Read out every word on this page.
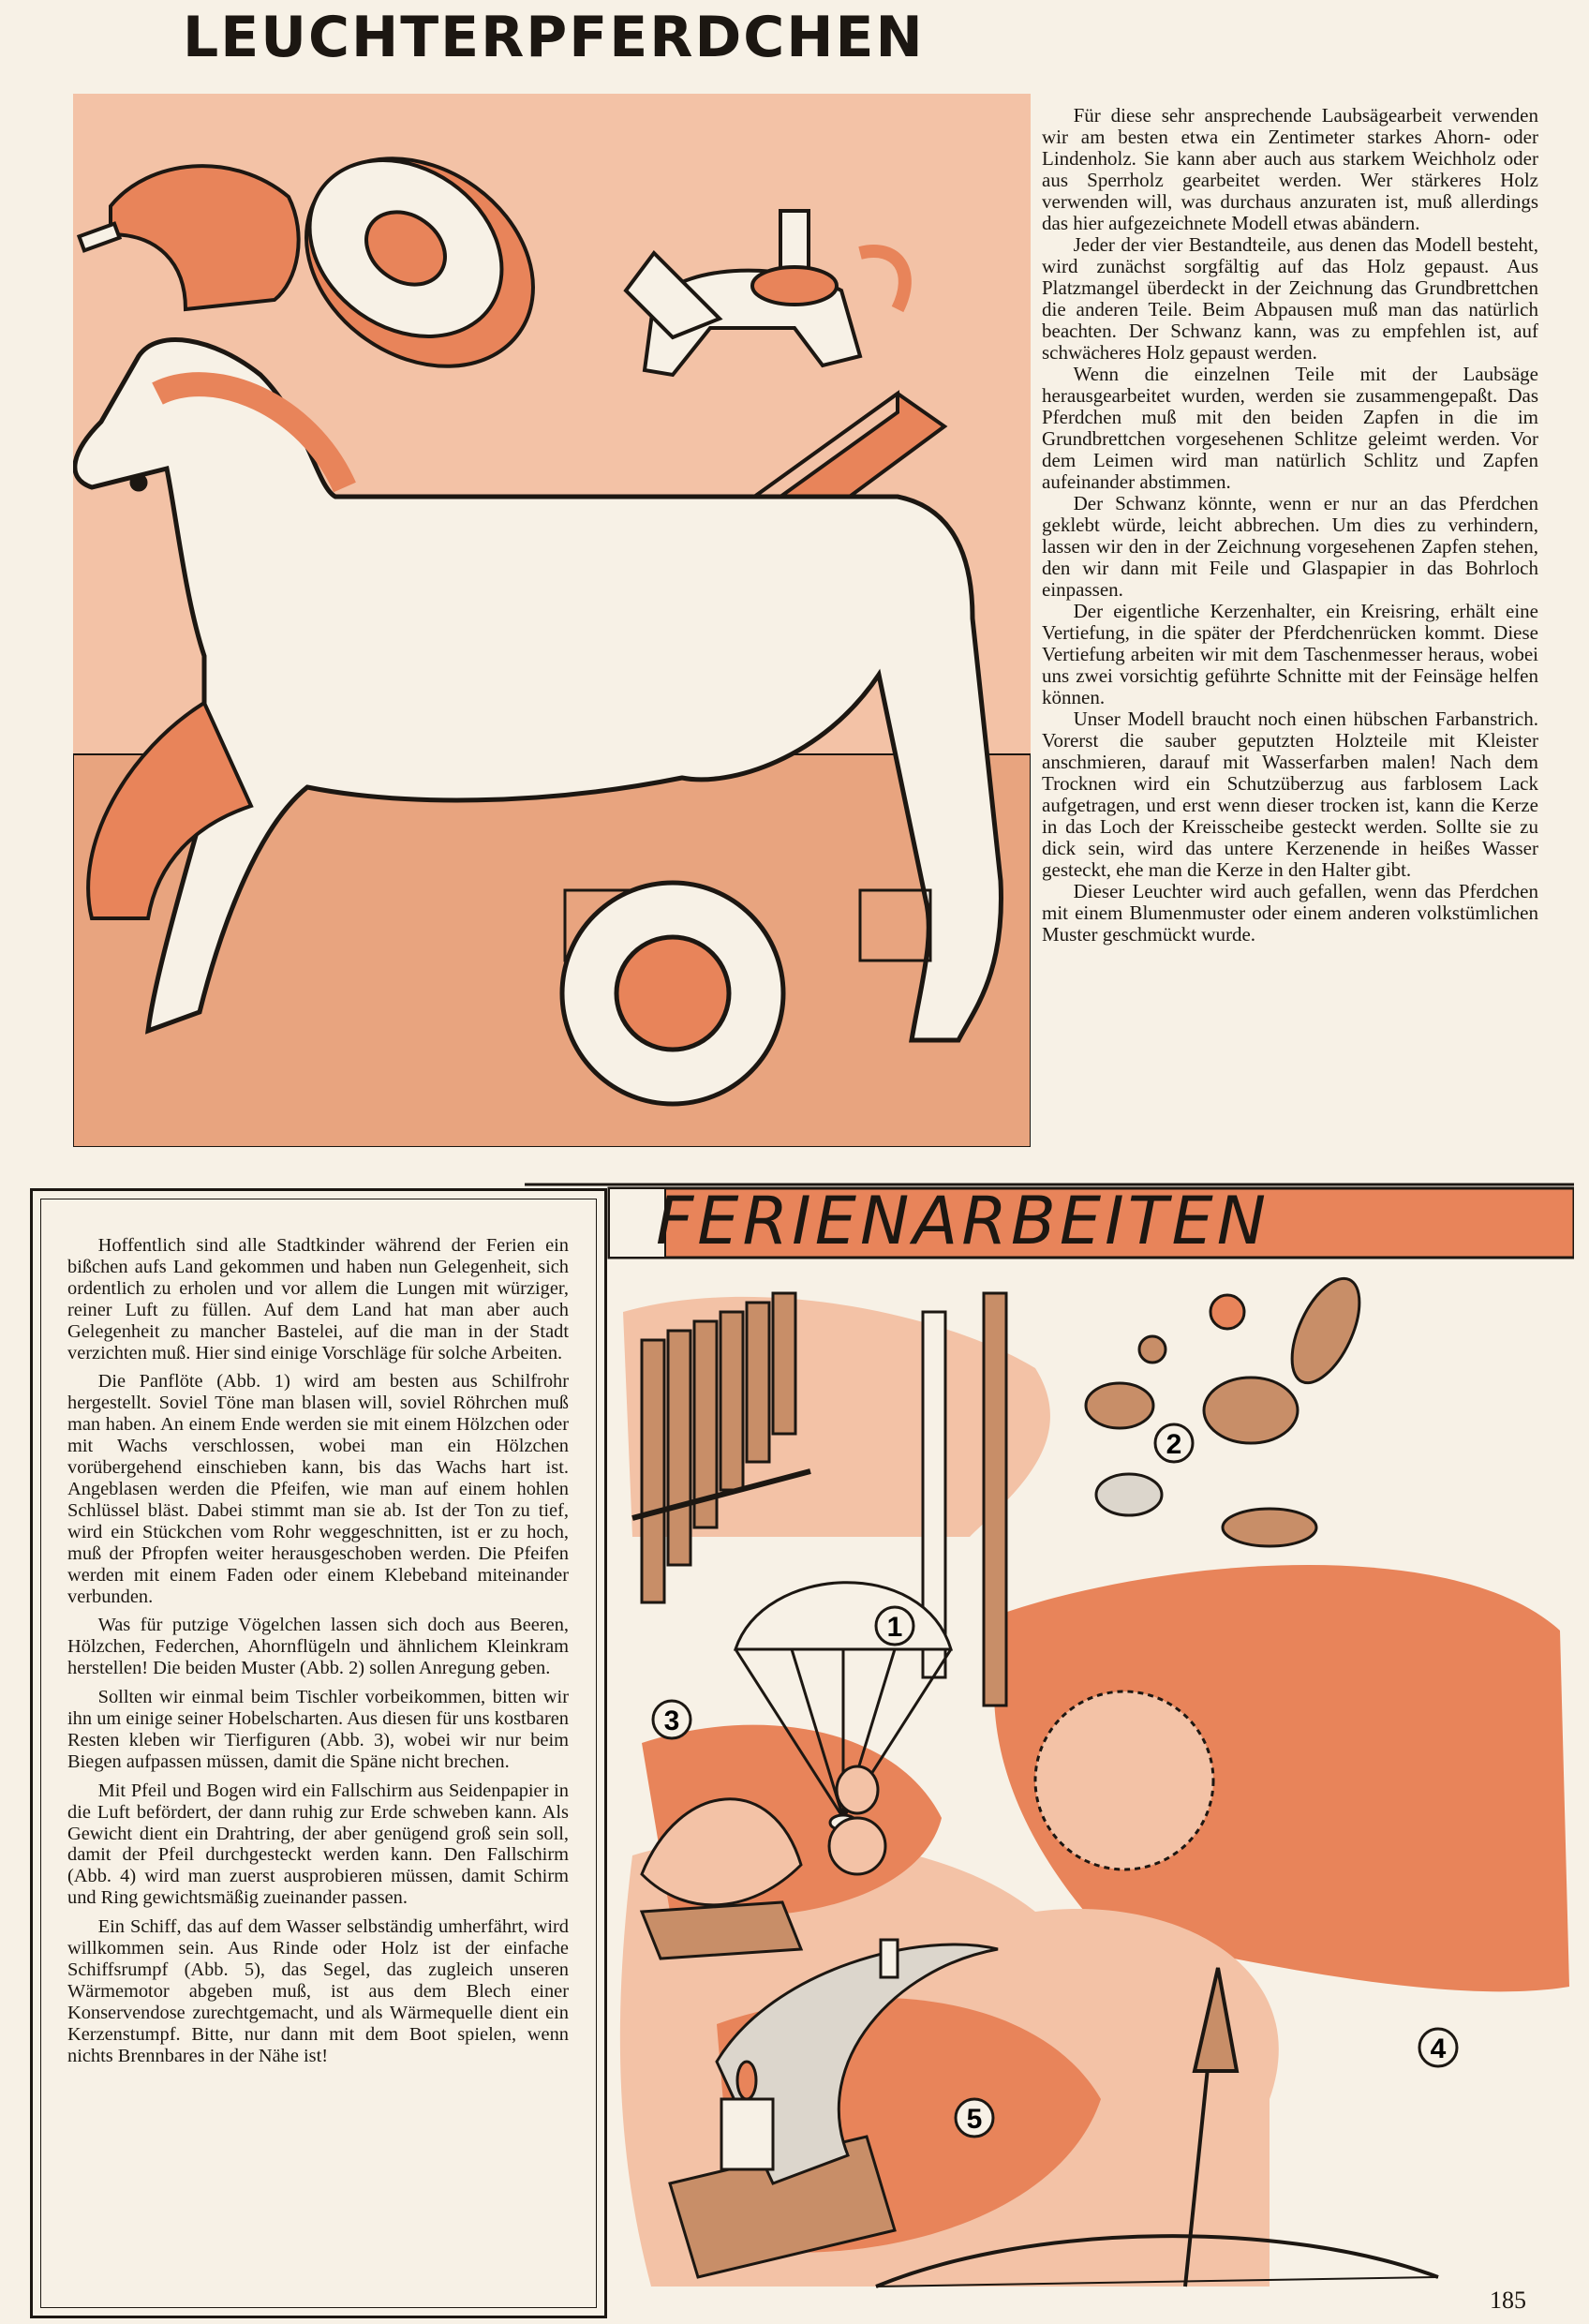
LEUCHTERPFERDCHEN

Für diese sehr ansprechende Laubsägearbeit verwenden wir am besten etwa ein Zentimeter starkes Ahorn- oder Lindenholz. Sie kann aber auch aus starkem Weichholz oder aus Sperrholz gearbeitet werden. Wer stärkeres Holz verwenden will, was durchaus anzuraten ist, muß allerdings das hier aufgezeichnete Modell etwas abändern.

Jeder der vier Bestandteile, aus denen das Modell besteht, wird zunächst sorgfältig auf das Holz gepaust. Aus Platzmangel überdeckt in der Zeichnung das Grundbrettchen die anderen Teile. Beim Abpausen muß man das natürlich beachten. Der Schwanz kann, was zu empfehlen ist, auf schwächeres Holz gepaust werden.

Wenn die einzelnen Teile mit der Laubsäge herausgearbeitet wurden, werden sie zusammengepaßt. Das Pferdchen muß mit den beiden Zapfen in die im Grundbrettchen vorgesehenen Schlitze geleimt werden. Vor dem Leimen wird man natürlich Schlitz und Zapfen aufeinander abstimmen.

Der Schwanz könnte, wenn er nur an das Pferdchen geklebt würde, leicht abbrechen. Um dies zu verhindern, lassen wir den in der Zeichnung vorgesehenen Zapfen stehen, den wir dann mit Feile und Glaspapier in das Bohrloch einpassen.

Der eigentliche Kerzenhalter, ein Kreisring, erhält eine Vertiefung, in die später der Pferdchenrücken kommt. Diese Vertiefung arbeiten wir mit dem Taschenmesser heraus, wobei uns zwei vorsichtig geführte Schnitte mit der Feinsäge helfen können.

Unser Modell braucht noch einen hübschen Farbanstrich. Vorerst die sauber geputzten Holzteile mit Kleister anschmieren, darauf mit Wasserfarben malen! Nach dem Trocknen wird ein Schutzüberzug aus farblosem Lack aufgetragen, und erst wenn dieser trocken ist, kann die Kerze in das Loch der Kreisscheibe gesteckt werden. Sollte sie zu dick sein, wird das untere Kerzenende in heißes Wasser gesteckt, ehe man die Kerze in den Halter gibt.

Dieser Leuchter wird auch gefallen, wenn das Pferdchen mit einem Blumenmuster oder einem anderen volkstümlichen Muster geschmückt wurde.

Hoffentlich sind alle Stadtkinder während der Ferien ein bißchen aufs Land gekommen und haben nun Gelegenheit, sich ordentlich zu erholen und vor allem die Lungen mit würziger, reiner Luft zu füllen. Auf dem Land hat man aber auch Gelegenheit zu mancher Bastelei, auf die man in der Stadt verzichten muß. Hier sind einige Vorschläge für solche Arbeiten.

Die Panflöte (Abb. 1) wird am besten aus Schilfrohr hergestellt. Soviel Töne man blasen will, soviel Röhrchen muß man haben. An einem Ende werden sie mit einem Hölzchen oder mit Wachs verschlossen, wobei man ein Hölzchen vorübergehend einschieben kann, bis das Wachs hart ist. Angeblasen werden die Pfeifen, wie man auf einem hohlen Schlüssel bläst. Dabei stimmt man sie ab. Ist der Ton zu tief, wird ein Stückchen vom Rohr weggeschnitten, ist er zu hoch, muß der Pfropfen weiter herausgeschoben werden. Die Pfeifen werden mit einem Faden oder einem Klebeband miteinander verbunden.

Was für putzige Vögelchen lassen sich doch aus Beeren, Hölzchen, Federchen, Ahornflügeln und ähnlichem Kleinkram herstellen! Die beiden Muster (Abb. 2) sollen Anregung geben.

Sollten wir einmal beim Tischler vorbeikommen, bitten wir ihn um einige seiner Hobelscharten. Aus diesen für uns kostbaren Resten kleben wir Tierfiguren (Abb. 3), wobei wir nur beim Biegen aufpassen müssen, damit die Späne nicht brechen.

Mit Pfeil und Bogen wird ein Fallschirm aus Seidenpapier in die Luft befördert, der dann ruhig zur Erde schweben kann. Als Gewicht dient ein Drahtring, der aber genügend groß sein soll, damit der Pfeil durchgesteckt werden kann. Den Fallschirm (Abb. 4) wird man zuerst ausprobieren müssen, damit Schirm und Ring gewichtsmäßig zueinander passen.

Ein Schiff, das auf dem Wasser selbständig umherfährt, wird willkommen sein. Aus Rinde oder Holz ist der einfache Schiffsrumpf (Abb. 5), das Segel, das zugleich unseren Wärmemotor abgeben muß, ist aus dem Blech einer Konservendose zurechtgemacht, und als Wärmequelle dient ein Kerzenstumpf. Bitte, nur dann mit dem Boot spielen, wenn nichts Brennbares in der Nähe ist!

FERIENARBEITEN
1
2
3
4
5
185
